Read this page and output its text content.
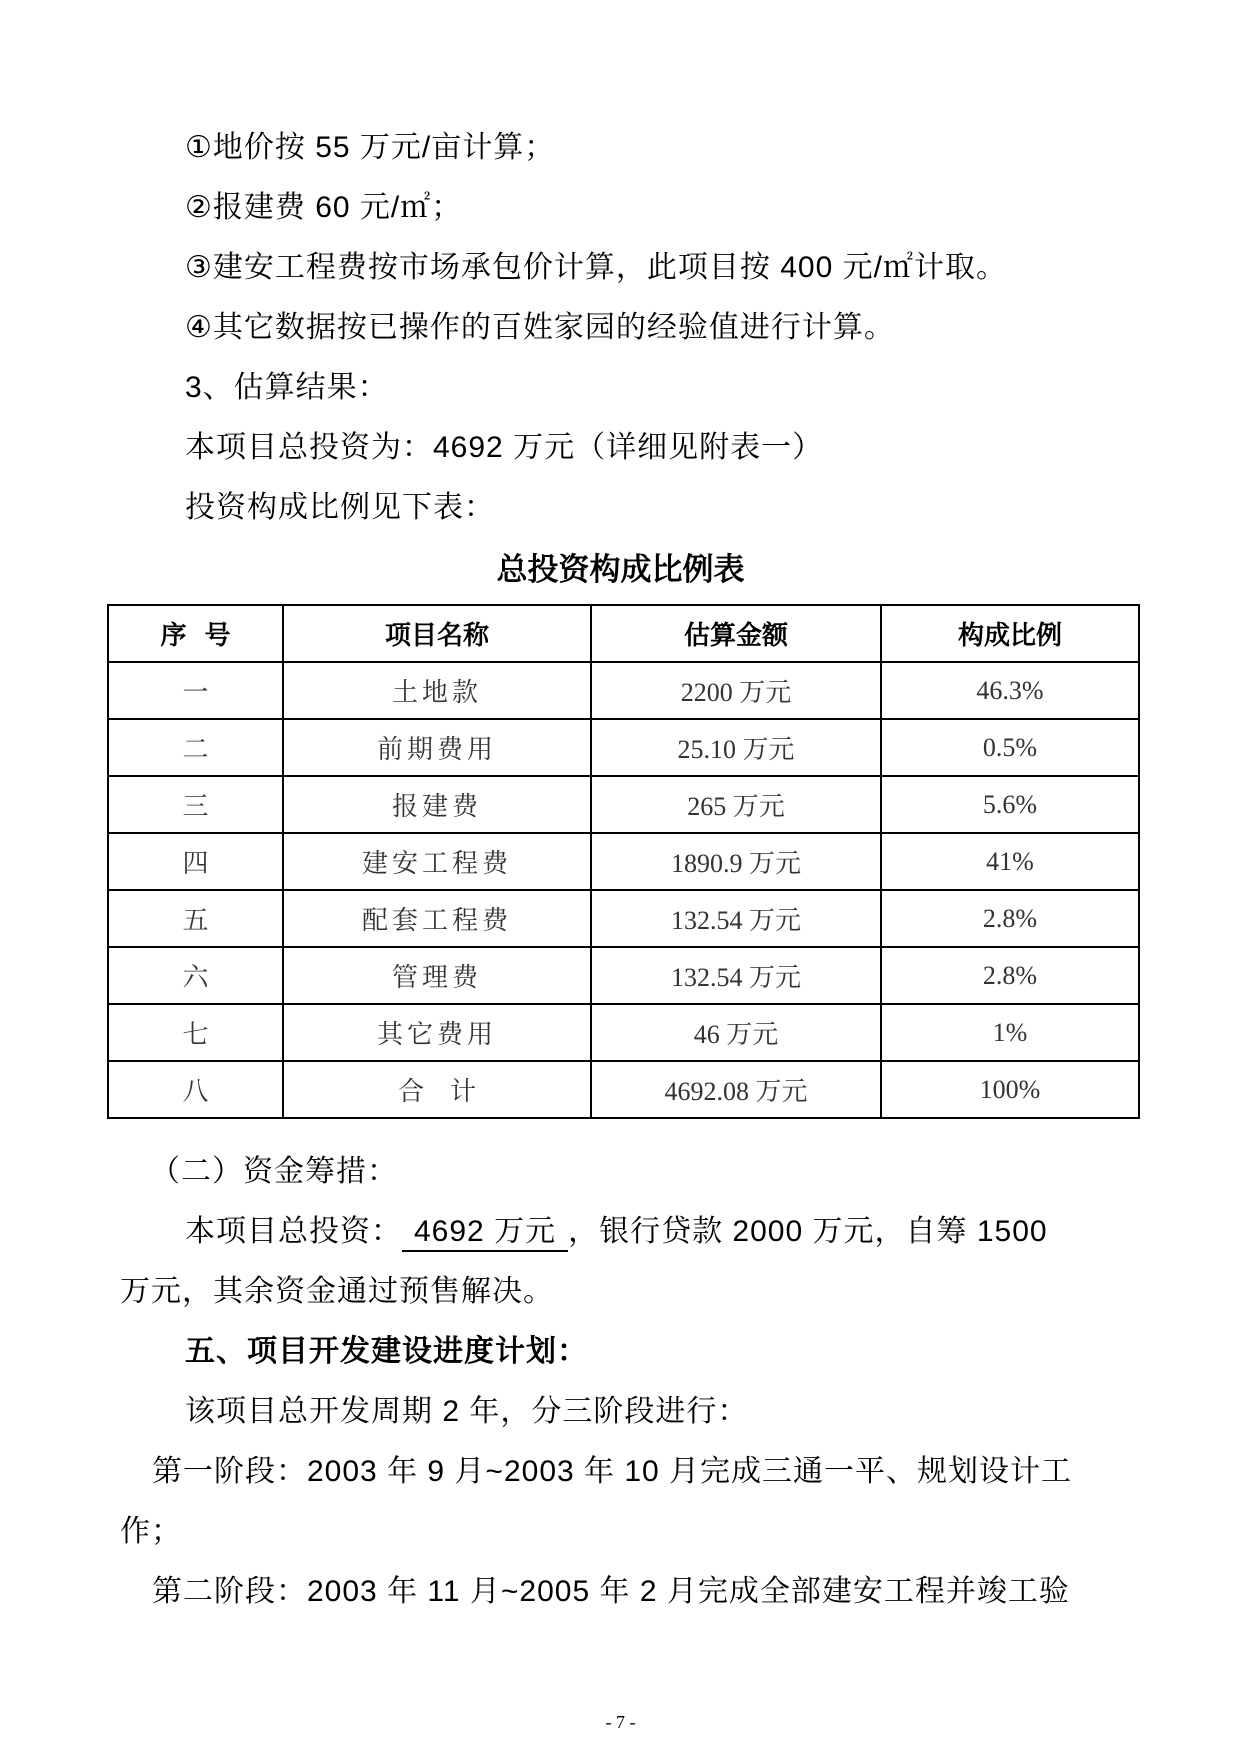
①地价按 55 万元/亩计算；
②报建费 60 元/㎡；
③建安工程费按市场承包价计算，此项目按 400 元/㎡计取。
④其它数据按已操作的百姓家园的经验值进行计算。
3、估算结果：
本项目总投资为：4692 万元（详细见附表一）
投资构成比例见下表：
总投资构成比例表
序  号	项目名称	估算金额	构成比例
一	土地款	2200 万元	46.3%
二	前期费用	25.10 万元	0.5%
三	报建费	265 万元	5.6%
四	建安工程费	1890.9 万元	41%
五	配套工程费	132.54 万元	2.8%
六	管理费	132.54 万元	2.8%
七	其它费用	46 万元	1%
八	合    计	4692.08 万元	100%
（二）资金筹措：
本项目总投资： 4692 万元 ，银行贷款 2000 万元，自筹 1500
万元，其余资金通过预售解决。
五、项目开发建设进度计划：
该项目总开发周期 2 年，分三阶段进行：
第一阶段：2003 年 9 月~2003 年 10 月完成三通一平、规划设计工
作；
第二阶段：2003 年 11 月~2005 年 2 月完成全部建安工程并竣工验
- 7 -
